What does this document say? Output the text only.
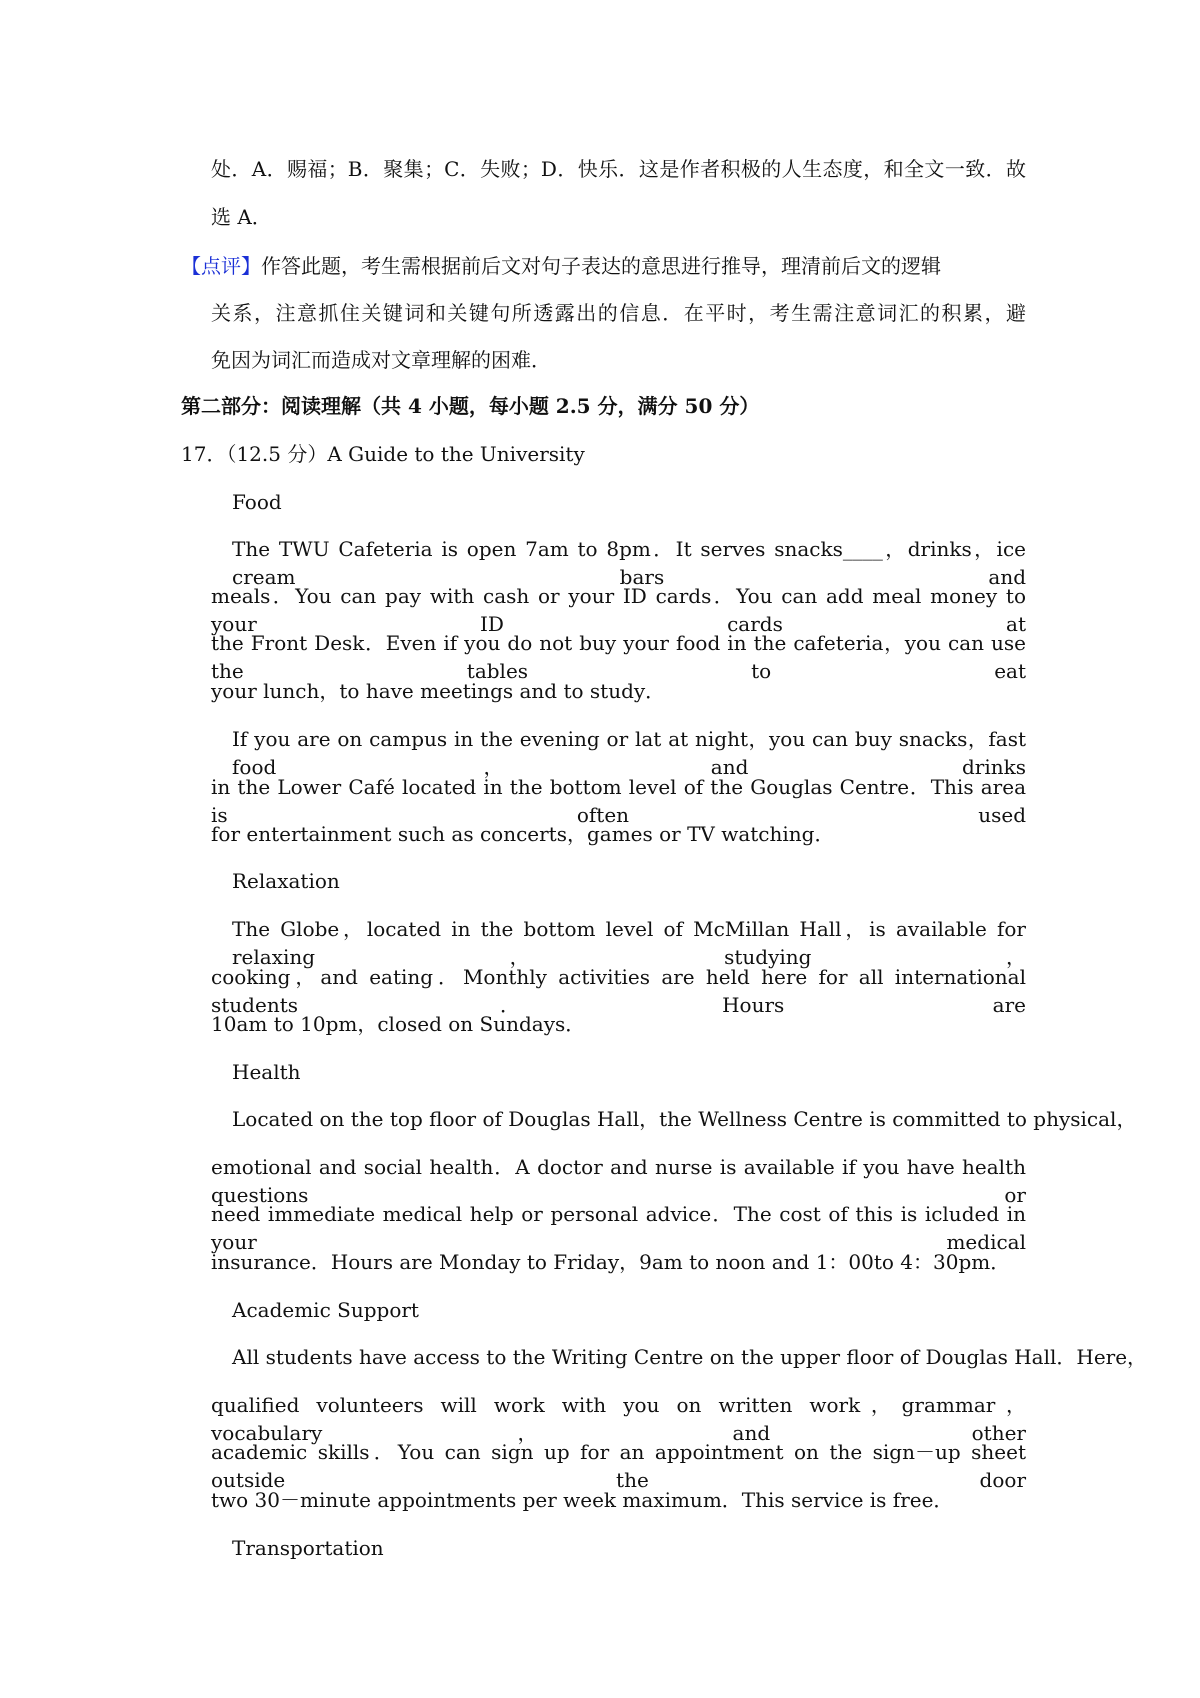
处．A．赐福；B．聚集；C．失败；D．快乐．这是作者积极的人生态度，和全文一致．故
选 A．
【点评】作答此题，考生需根据前后文对句子表达的意思进行推导，理清前后文的逻辑
关系，注意抓住关键词和关键句所透露出的信息．在平时，考生需注意词汇的积累，避
免因为词汇而造成对文章理解的困难．
第二部分：阅读理解（共 4 小题，每小题 2.5 分，满分 50 分）
17．（12.5 分）A Guide to the University
Food
The TWU Cafeteria is open 7am to 8pm．It serves snacks____，drinks，ice cream bars and
meals．You can pay with cash or your ID cards．You can add meal money to your ID cards at
the Front Desk．Even if you do not buy your food in the cafeteria，you can use the tables to eat
your lunch，to have meetings and to study．
If you are on campus in the evening or lat at night，you can buy snacks，fast food，and drinks
in the Lower Café located in the bottom level of the Gouglas Centre．This area is often used
for entertainment such as concerts，games or TV watching．
Relaxation
The Globe，located in the bottom level of McMillan Hall，is available for relaxing，studying，
cooking，and eating．Monthly activities are held here for all international students．Hours are
10am to 10pm，closed on Sundays．
Health
Located on the top floor of Douglas Hall，the Wellness Centre is committed to physical，
emotional and social health．A doctor and nurse is available if you have health questions or
need immediate medical help or personal advice．The cost of this is icluded in your medical
insurance．Hours are Monday to Friday，9am to noon and 1：00to 4：30pm．
Academic Support
All students have access to the Writing Centre on the upper floor of Douglas Hall．Here，
qualified volunteers will work with you on written work，grammar，vocabulary，and other
academic skills．You can sign up for an appointment on the sign－up sheet outside the door
two 30－minute appointments per week maximum．This service is free．
Transportation
